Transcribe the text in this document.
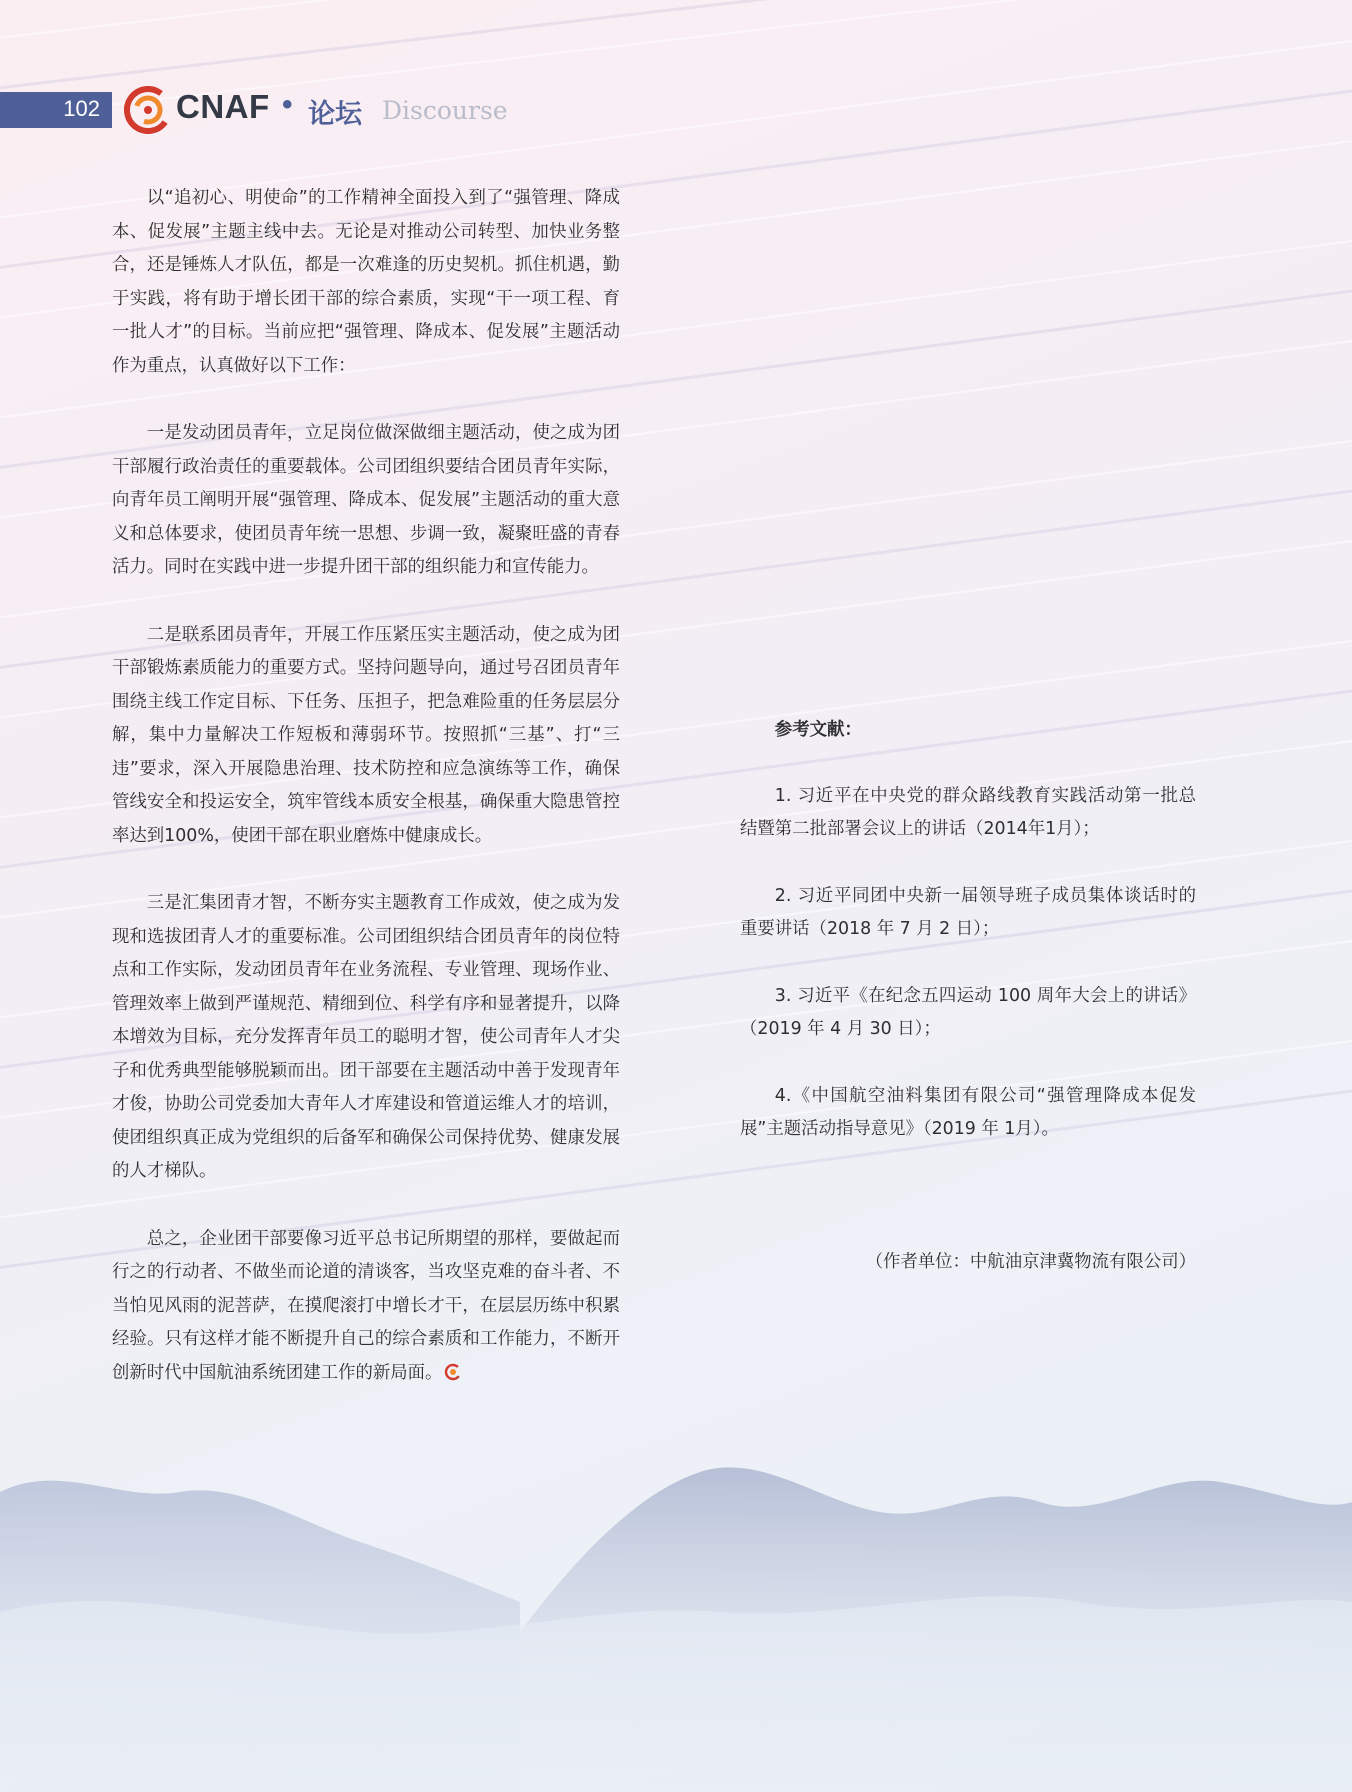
102 CNAF • 论坛 Discourse

以“追初心、明使命”的工作精神全面投入到了“强管理、降成本、促发展”主题主线中去。无论是对推动公司转型、加快业务整合，还是锤炼人才队伍，都是一次难逢的历史契机。抓住机遇，勤于实践，将有助于增长团干部的综合素质，实现“干一项工程、育一批人才”的目标。当前应把“强管理、降成本、促发展”主题活动作为重点，认真做好以下工作：

一是发动团员青年，立足岗位做深做细主题活动，使之成为团干部履行政治责任的重要载体。公司团组织要结合团员青年实际，向青年员工阐明开展“强管理、降成本、促发展”主题活动的重大意义和总体要求，使团员青年统一思想、步调一致，凝聚旺盛的青春活力。同时在实践中进一步提升团干部的组织能力和宣传能力。

二是联系团员青年，开展工作压紧压实主题活动，使之成为团干部锻炼素质能力的重要方式。坚持问题导向，通过号召团员青年围绕主线工作定目标、下任务、压担子，把急难险重的任务层层分解，集中力量解决工作短板和薄弱环节。按照抓“三基”、打“三违”要求，深入开展隐患治理、技术防控和应急演练等工作，确保管线安全和投运安全，筑牢管线本质安全根基，确保重大隐患管控率达到100%，使团干部在职业磨炼中健康成长。

三是汇集团青才智，不断夯实主题教育工作成效，使之成为发现和选拔团青人才的重要标准。公司团组织结合团员青年的岗位特点和工作实际，发动团员青年在业务流程、专业管理、现场作业、管理效率上做到严谨规范、精细到位、科学有序和显著提升，以降本增效为目标，充分发挥青年员工的聪明才智，使公司青年人才尖子和优秀典型能够脱颖而出。团干部要在主题活动中善于发现青年才俊，协助公司党委加大青年人才库建设和管道运维人才的培训，使团组织真正成为党组织的后备军和确保公司保持优势、健康发展的人才梯队。

总之，企业团干部要像习近平总书记所期望的那样，要做起而行之的行动者、不做坐而论道的清谈客，当攻坚克难的奋斗者、不当怕见风雨的泥菩萨，在摸爬滚打中增长才干，在层层历练中积累经验。只有这样才能不断提升自己的综合素质和工作能力，不断开创新时代中国航油系统团建工作的新局面。

参考文献：

1. 习近平在中央党的群众路线教育实践活动第一批总结暨第二批部署会议上的讲话（2014年1月）；

2. 习近平同团中央新一届领导班子成员集体谈话时的重要讲话（2018 年 7 月 2 日）；

3. 习近平《在纪念五四运动 100 周年大会上的讲话》（2019 年 4 月 30 日）；

4.《中国航空油料集团有限公司“强管理降成本促发展”主题活动指导意见》（2019 年 1月）。

（作者单位：中航油京津冀物流有限公司）
